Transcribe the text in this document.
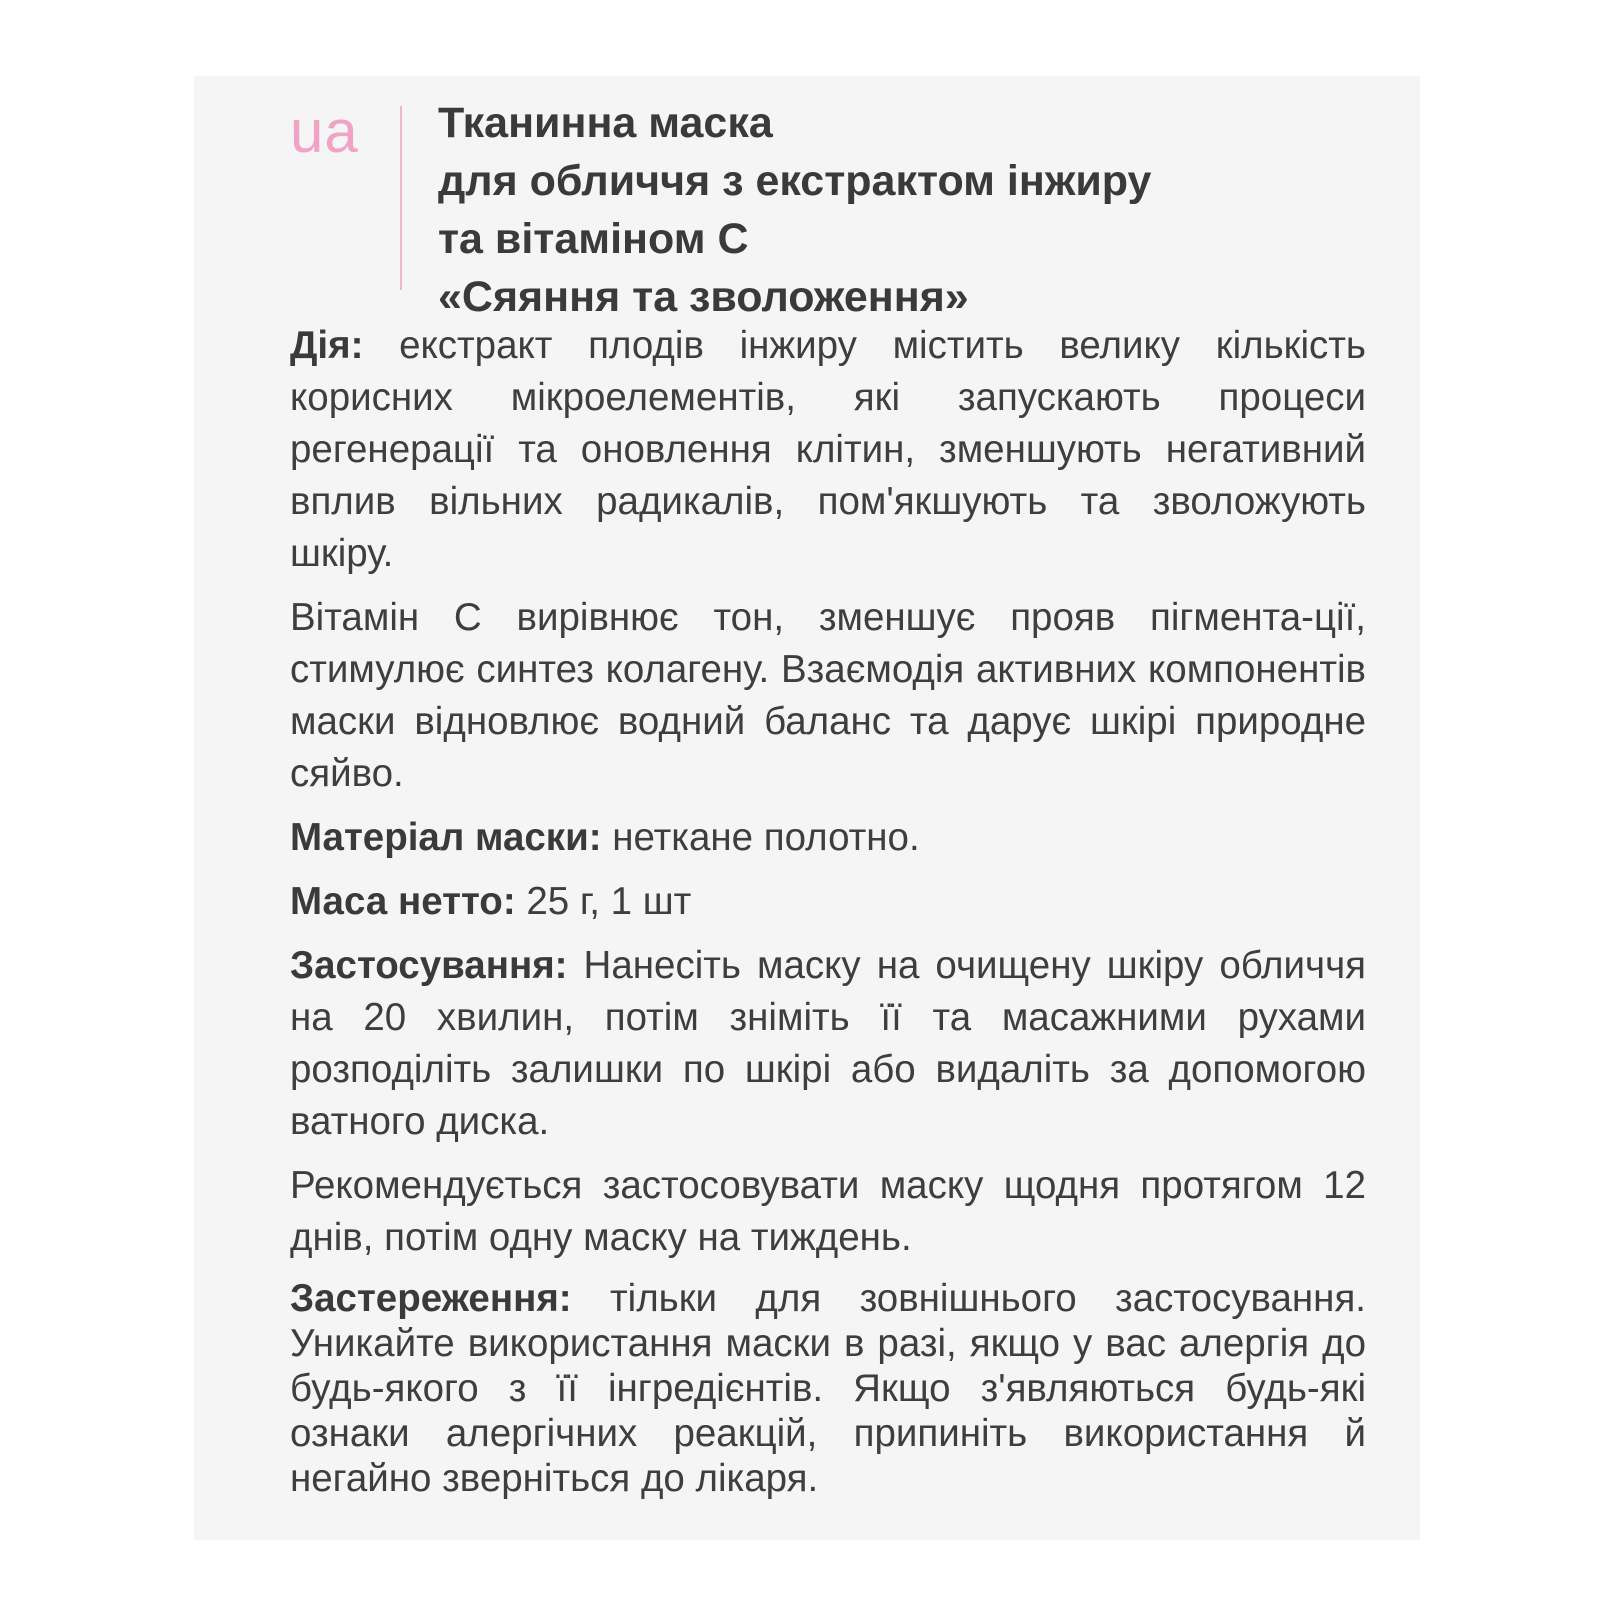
ua Тканинна маска
для обличчя з екстрактом інжиру
та вітаміном С
«Сяяння та зволоження»

Дія: екстракт плодів інжиру містить велику кількість корисних мікроелементів, які запускають процеси регенерації та оновлення клітин, зменшують негативний вплив вільних радикалів, пом'якшують та зволожують шкіру.

Вітамін С вирівнює тон, зменшує прояв пігмента-ції, стимулює синтез колагену. Взаємодія активних компонентів маски відновлює водний баланс та дарує шкірі природне сяйво.

Матеріал маски: неткане полотно.

Маса нетто: 25 г, 1 шт

Застосування: Нанесіть маску на очищену шкіру обличчя на 20 хвилин, потім зніміть її та масажними рухами розподіліть залишки по шкірі або видаліть за допомогою ватного диска.

Рекомендується застосовувати маску щодня протягом 12 днів, потім одну маску на тиждень.

Застереження: тільки для зовнішнього застосування. Уникайте використання маски в разі, якщо у вас алергія до будь-якого з її інгредієнтів. Якщо з'являються будь-які ознаки алергічних реакцій, припиніть використання й негайно зверніться до лікаря.
